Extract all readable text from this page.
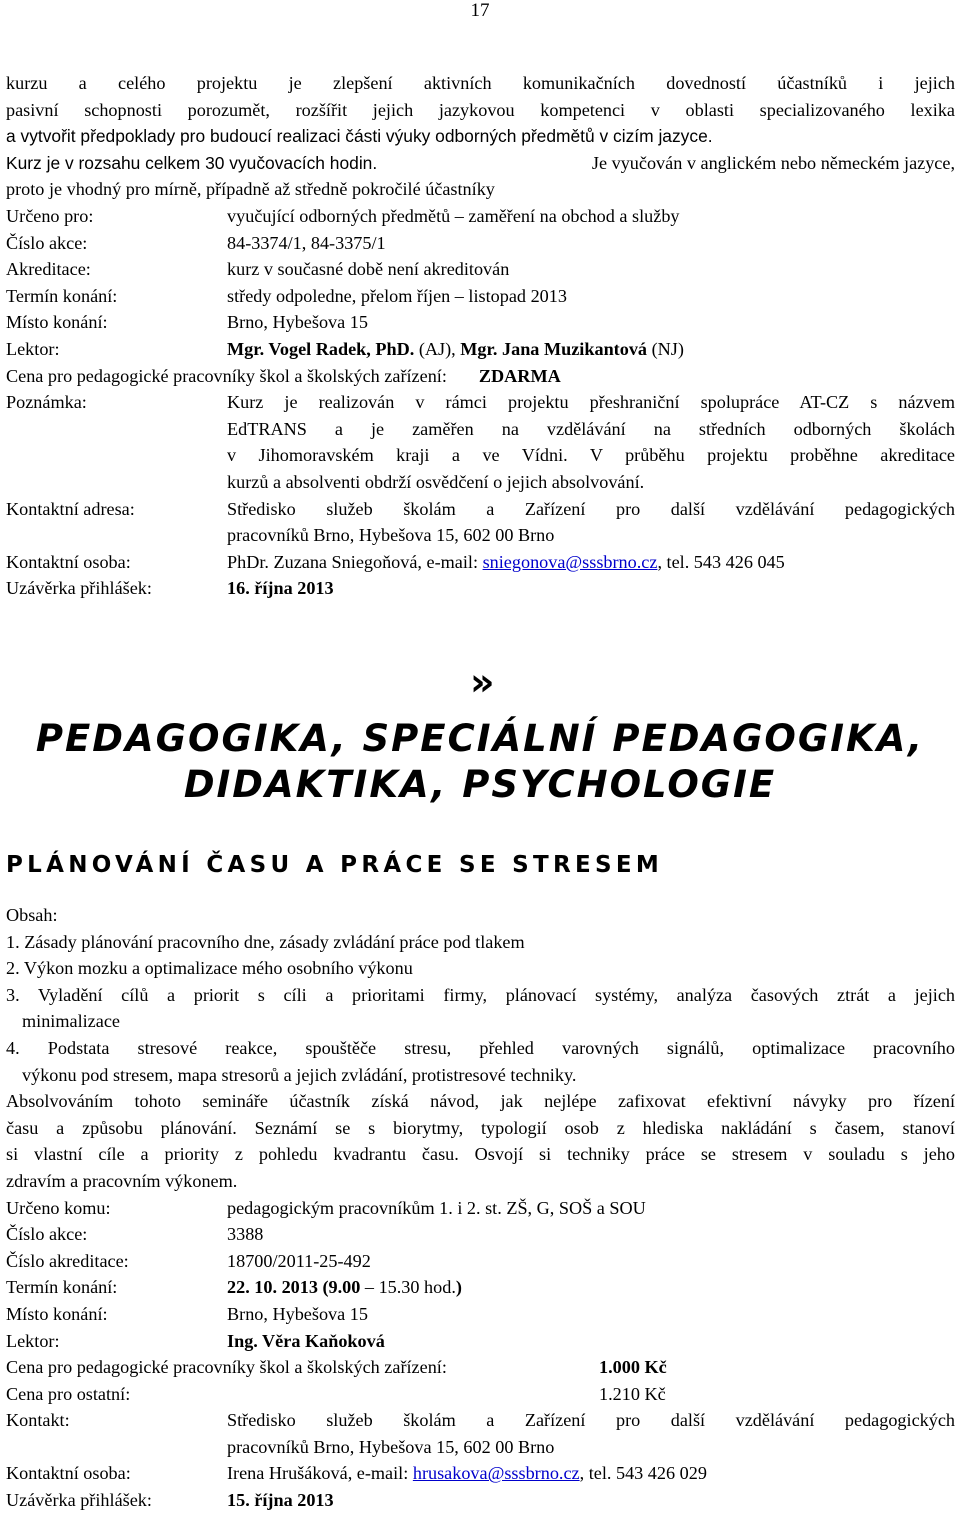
17
kurzu a celého projektu je zlepšení aktivních komunikačních dovedností účastníků i jejich
pasivní schopnosti porozumět, rozšířit jejich jazykovou kompetenci v oblasti specializovaného lexika
a vytvořit předpoklady pro budoucí realizaci části výuky odborných předmětů v cizím jazyce.
Kurz je v rozsahu celkem 30 vyučovacích hodin.	Je vyučován v anglickém nebo německém jazyce,
proto je vhodný pro mírně, případně až středně pokročilé účastníky
Určeno pro:	vyučující odborných předmětů – zaměření na obchod a služby
Číslo akce:	84-3374/1, 84-3375/1
Akreditace:	kurz v současné době není akreditován
Termín konání:	středy odpoledne, přelom říjen – listopad 2013
Místo konání:	Brno, Hybešova 15
Lektor:	Mgr. Vogel Radek, PhD. (AJ), Mgr. Jana Muzikantová (NJ)
Cena pro pedagogické pracovníky škol a školských zařízení: ZDARMA
Poznámka:	Kurz je realizován v rámci projektu přeshraniční spolupráce AT-CZ s názvem
EdTRANS a je zaměřen na vzdělávání na středních odborných školách
v Jihomoravském kraji a ve Vídni. V průběhu projektu proběhne akreditace
kurzů a absolventi obdrží osvědčení o jejich absolvování.
Kontaktní adresa:	Středisko služeb školám a Zařízení pro další vzdělávání pedagogických
pracovníků Brno, Hybešova 15, 602 00 Brno
Kontaktní osoba:	PhDr. Zuzana Sniegoňová, e-mail: sniegonova@sssbrno.cz, tel. 543 426 045
Uzávěrka přihlášek:	16. října 2013
»
PEDAGOGIKA, SPECIÁLNÍ PEDAGOGIKA,
DIDAKTIKA, PSYCHOLOGIE
PLÁNOVÁNÍ ČASU A PRÁCE SE STRESEM
Obsah:
1. Zásady plánování pracovního dne, zásady zvládání práce pod tlakem
2. Výkon mozku a optimalizace mého osobního výkonu
3. Vyladění cílů a priorit s cíli a prioritami firmy, plánovací systémy, analýza časových ztrát a jejich
minimalizace
4. Podstata stresové reakce, spouštěče stresu, přehled varovných signálů, optimalizace pracovního
výkonu pod stresem, mapa stresorů a jejich zvládání, protistresové techniky.
Absolvováním tohoto semináře účastník získá návod, jak nejlépe zafixovat efektivní návyky pro řízení
času a způsobu plánování. Seznámí se s biorytmy, typologií osob z hlediska nakládání s časem, stanoví
si vlastní cíle a priority z pohledu kvadrantu času. Osvojí si techniky práce se stresem v souladu s jeho
zdravím a pracovním výkonem.
Určeno komu:	pedagogickým pracovníkům 1. i 2. st. ZŠ, G, SOŠ a SOU
Číslo akce:	3388
Číslo akreditace:	18700/2011-25-492
Termín konání:	22. 10. 2013 (9.00 – 15.30 hod.)
Místo konání:	Brno, Hybešova 15
Lektor:	Ing. Věra Kaňoková
Cena pro pedagogické pracovníky škol a školských zařízení:	1.000 Kč
Cena pro ostatní:	1.210 Kč
Kontakt:	Středisko služeb školám a Zařízení pro další vzdělávání pedagogických
pracovníků Brno, Hybešova 15, 602 00 Brno
Kontaktní osoba:	Irena Hrušáková, e-mail: hrusakova@sssbrno.cz, tel. 543 426 029
Uzávěrka přihlášek:	15. října 2013
